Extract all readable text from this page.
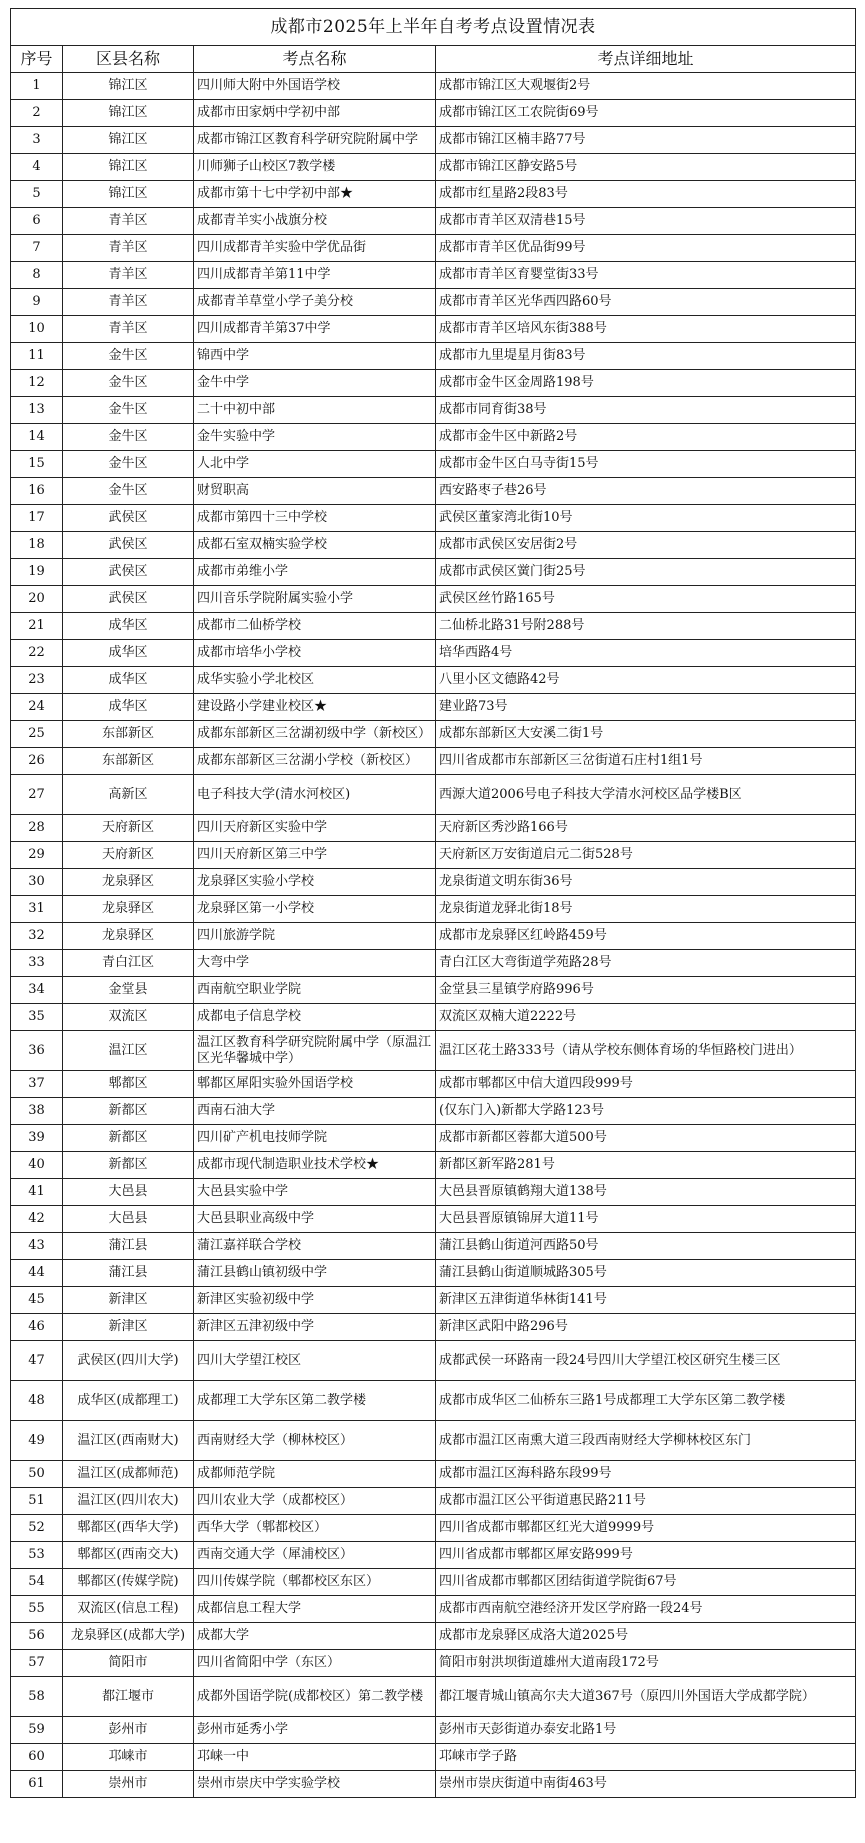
成都市2025年上半年自考考点设置情况表			
序号	区县名称	考点名称	考点详细地址
1	锦江区	四川师大附中外国语学校	成都市锦江区大观堰街2号
2	锦江区	成都市田家炳中学初中部	成都市锦江区工农院街69号
3	锦江区	成都市锦江区教育科学研究院附属中学	成都市锦江区楠丰路77号
4	锦江区	川师狮子山校区7教学楼	成都市锦江区静安路5号
5	锦江区	成都市第十七中学初中部★	成都市红星路2段83号
6	青羊区	成都青羊实小战旗分校	成都市青羊区双清巷15号
7	青羊区	四川成都青羊实验中学优品街	成都市青羊区优品街99号
8	青羊区	四川成都青羊第11中学	成都市青羊区育婴堂街33号
9	青羊区	成都青羊草堂小学子美分校	成都市青羊区光华西四路60号
10	青羊区	四川成都青羊第37中学	成都市青羊区培风东街388号
11	金牛区	锦西中学	成都市九里堤星月街83号
12	金牛区	金牛中学	成都市金牛区金周路198号
13	金牛区	二十中初中部	成都市同育街38号
14	金牛区	金牛实验中学	成都市金牛区中新路2号
15	金牛区	人北中学	成都市金牛区白马寺街15号
16	金牛区	财贸职高	西安路枣子巷26号
17	武侯区	成都市第四十三中学校	武侯区董家湾北街10号
18	武侯区	成都石室双楠实验学校	成都市武侯区安居街2号
19	武侯区	成都市弟维小学	成都市武侯区黉门街25号
20	武侯区	四川音乐学院附属实验小学	武侯区丝竹路165号
21	成华区	成都市二仙桥学校	二仙桥北路31号附288号
22	成华区	成都市培华小学校	培华西路4号
23	成华区	成华实验小学北校区	八里小区文德路42号
24	成华区	建设路小学建业校区★	建业路73号
25	东部新区	成都东部新区三岔湖初级中学（新校区）	成都东部新区大安溪二街1号
26	东部新区	成都东部新区三岔湖小学校（新校区）	四川省成都市东部新区三岔街道石庄村1组1号
27	高新区	电子科技大学(清水河校区)	西源大道2006号电子科技大学清水河校区品学楼B区
28	天府新区	四川天府新区实验中学	天府新区秀沙路166号
29	天府新区	四川天府新区第三中学	天府新区万安街道启元二街528号
30	龙泉驿区	龙泉驿区实验小学校	龙泉街道文明东街36号
31	龙泉驿区	龙泉驿区第一小学校	龙泉街道龙驿北街18号
32	龙泉驿区	四川旅游学院	成都市龙泉驿区红岭路459号
33	青白江区	大弯中学	青白江区大弯街道学苑路28号
34	金堂县	西南航空职业学院	金堂县三星镇学府路996号
35	双流区	成都电子信息学校	双流区双楠大道2222号
36	温江区	温江区教育科学研究院附属中学（原温江区光华馨城中学）	温江区花土路333号（请从学校东侧体育场的华恒路校门进出）
37	郫都区	郫都区犀阳实验外国语学校	成都市郫都区中信大道四段999号
38	新都区	西南石油大学	(仅东门入)新都大学路123号
39	新都区	四川矿产机电技师学院	成都市新都区蓉都大道500号
40	新都区	成都市现代制造职业技术学校★	新都区新军路281号
41	大邑县	大邑县实验中学	大邑县晋原镇鹤翔大道138号
42	大邑县	大邑县职业高级中学	大邑县晋原镇锦屏大道11号
43	蒲江县	蒲江嘉祥联合学校	蒲江县鹤山街道河西路50号
44	蒲江县	蒲江县鹤山镇初级中学	蒲江县鹤山街道顺城路305号
45	新津区	新津区实验初级中学	新津区五津街道华林街141号
46	新津区	新津区五津初级中学	新津区武阳中路296号
47	武侯区(四川大学)	四川大学望江校区	成都武侯一环路南一段24号四川大学望江校区研究生楼三区
48	成华区(成都理工)	成都理工大学东区第二教学楼	成都市成华区二仙桥东三路1号成都理工大学东区第二教学楼
49	温江区(西南财大)	西南财经大学（柳林校区）	成都市温江区南熏大道三段西南财经大学柳林校区东门
50	温江区(成都师范)	成都师范学院	成都市温江区海科路东段99号
51	温江区(四川农大)	四川农业大学（成都校区）	成都市温江区公平街道惠民路211号
52	郫都区(西华大学)	西华大学（郫都校区）	四川省成都市郫都区红光大道9999号
53	郫都区(西南交大)	西南交通大学（犀浦校区）	四川省成都市郫都区犀安路999号
54	郫都区(传媒学院)	四川传媒学院（郫都校区东区）	四川省成都市郫都区团结街道学院街67号
55	双流区(信息工程)	成都信息工程大学	成都市西南航空港经济开发区学府路一段24号
56	龙泉驿区(成都大学)	成都大学	成都市龙泉驿区成洛大道2025号
57	简阳市	四川省简阳中学（东区）	简阳市射洪坝街道雄州大道南段172号
58	都江堰市	成都外国语学院(成都校区）第二教学楼	都江堰青城山镇高尔夫大道367号（原四川外国语大学成都学院）
59	彭州市	彭州市延秀小学	彭州市天彭街道办泰安北路1号
60	邛崃市	邛崃一中	邛崃市学子路
61	崇州市	崇州市崇庆中学实验学校	崇州市崇庆街道中南街463号
